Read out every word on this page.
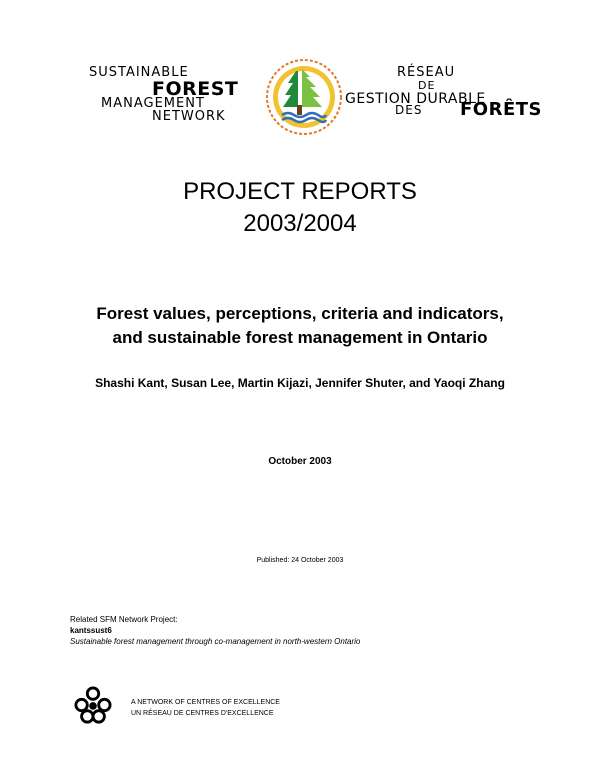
SUSTAINABLE
FOREST
MANAGEMENT
NETWORK
RÉSEAU
DE
GESTION DURABLE
DES FORÊTS
PROJECT REPORTS
2003/2004
Forest values, perceptions, criteria and indicators,
and sustainable forest management in Ontario
Shashi Kant, Susan Lee, Martin Kijazi, Jennifer Shuter, and Yaoqi Zhang
October 2003
Published: 24 October 2003
Related SFM Network Project:
kantssust6
Sustainable forest management through co-management in north-western Ontario
A NETWORK OF CENTRES OF EXCELLENCE
UN RÉSEAU DE CENTRES D'EXCELLENCE
